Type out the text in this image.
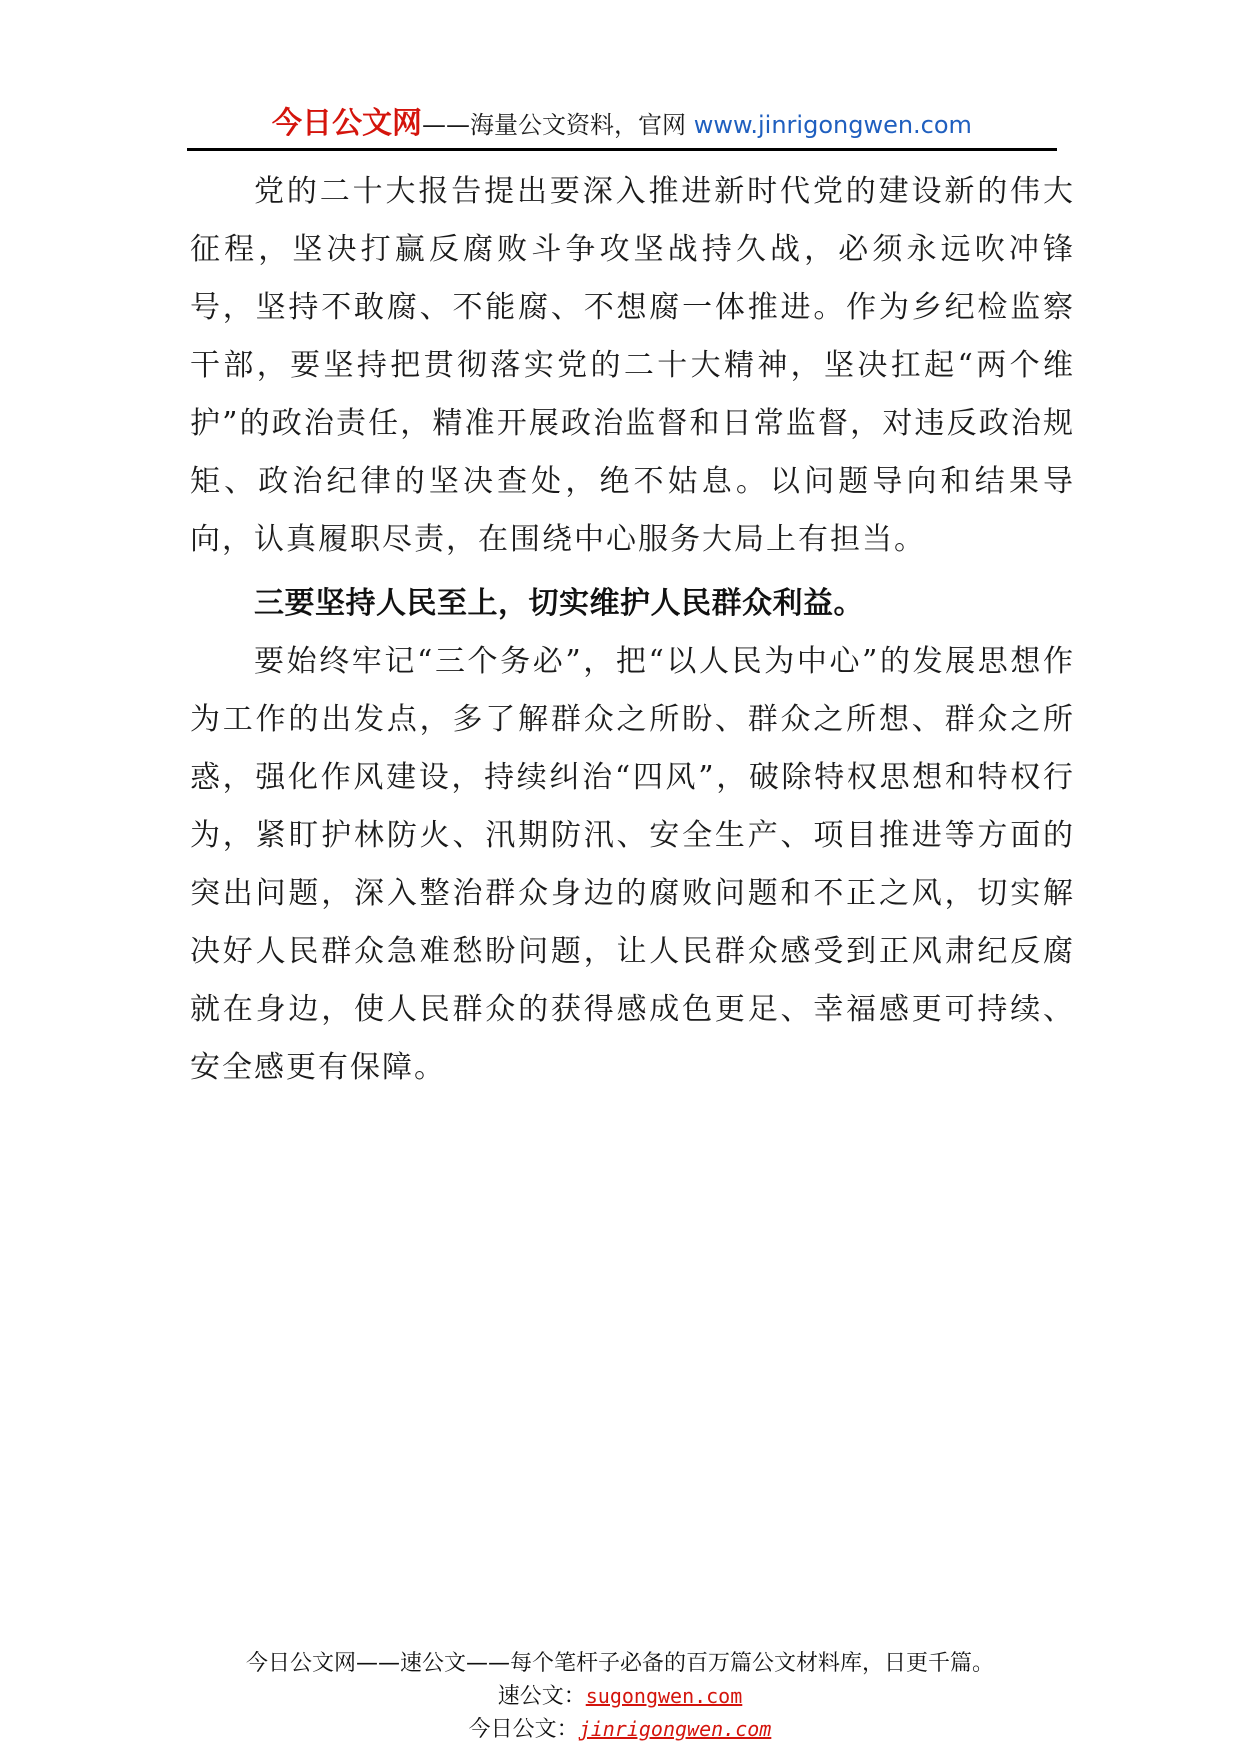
今日公文网——海量公文资料，官网 www.jinrigongwen.com

党的二十大报告提出要深入推进新时代党的建设新的伟大征程，坚决打赢反腐败斗争攻坚战持久战，必须永远吹冲锋号，坚持不敢腐、不能腐、不想腐一体推进。作为乡纪检监察干部，要坚持把贯彻落实党的二十大精神，坚决扛起“两个维护”的政治责任，精准开展政治监督和日常监督，对违反政治规矩、政治纪律的坚决查处，绝不姑息。以问题导向和结果导向，认真履职尽责，在围绕中心服务大局上有担当。

三要坚持人民至上，切实维护人民群众利益。

要始终牢记“三个务必”，把“以人民为中心”的发展思想作为工作的出发点，多了解群众之所盼、群众之所想、群众之所惑，强化作风建设，持续纠治“四风”，破除特权思想和特权行为，紧盯护林防火、汛期防汛、安全生产、项目推进等方面的突出问题，深入整治群众身边的腐败问题和不正之风，切实解决好人民群众急难愁盼问题，让人民群众感受到正风肃纪反腐就在身边，使人民群众的获得感成色更足、幸福感更可持续、安全感更有保障。

今日公文网——速公文——每个笔杆子必备的百万篇公文材料库，日更千篇。
速公文：sugongwen.com
今日公文：jinrigongwen.com
